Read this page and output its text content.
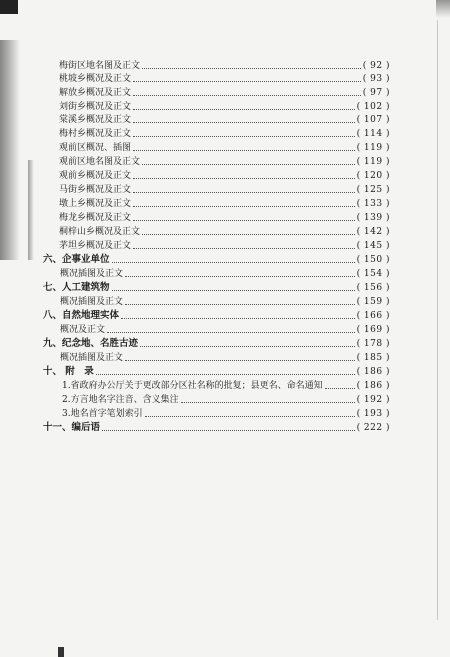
梅街区地名图及正文	( 92 )
桃坡乡概况及正文	( 93 )
解放乡概况及正文	( 97 )
刘街乡概况及正文	( 102 )
棠溪乡概况及正文	( 107 )
梅村乡概况及正文	( 114 )
观前区概况、插图	( 119 )
观前区地名图及正文	( 119 )
观前乡概况及正文	( 120 )
马街乡概况及正文	( 125 )
墩上乡概况及正文	( 133 )
梅龙乡概况及正文	( 139 )
桐梓山乡概况及正文	( 142 )
茅坦乡概况及正文	( 145 )
六、企事业单位	( 150 )
概况插图及正文	( 154 )
七、人工建筑物	( 156 )
概况插图及正文	( 159 )
八、自然地理实体	( 166 )
概况及正文	( 169 )
九、纪念地、名胜古迹	( 178 )
概况插图及正文	( 185 )
十、 附　录	( 186 )
1.省政府办公厅关于更改部分区社名称的批复；县更名、命名通知	( 186 )
2.方言地名字注音、含义集注	( 192 )
3.地名首字笔划索引	( 193 )
十一、编后语	( 222 )
